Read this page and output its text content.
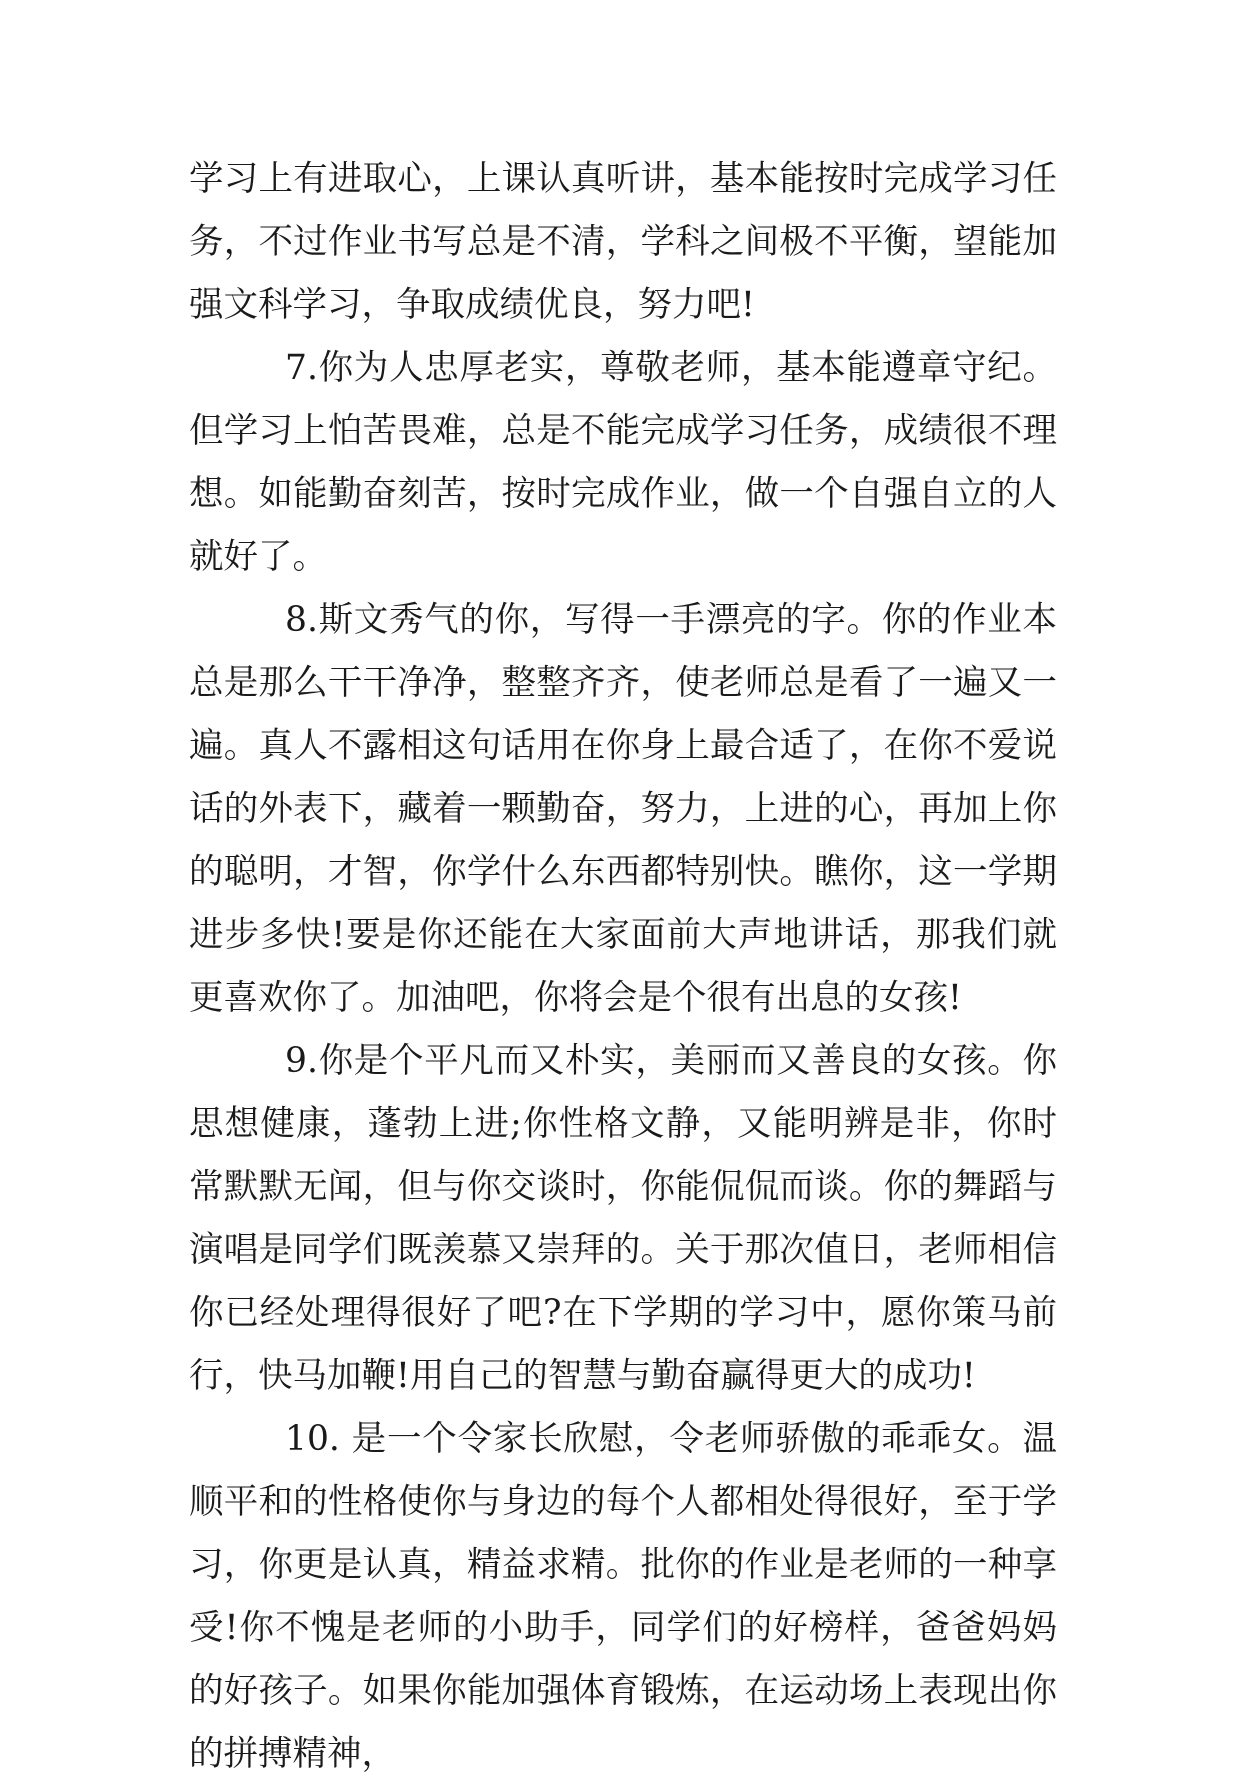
学习上有进取心，上课认真听讲，基本能按时完成学习任务，不过作业书写总是不清，学科之间极不平衡，望能加强文科学习，争取成绩优良，努力吧!

7.你为人忠厚老实，尊敬老师，基本能遵章守纪。但学习上怕苦畏难，总是不能完成学习任务，成绩很不理想。如能勤奋刻苦，按时完成作业，做一个自强自立的人就好了。

8.斯文秀气的你，写得一手漂亮的字。你的作业本总是那么干干净净，整整齐齐，使老师总是看了一遍又一遍。真人不露相这句话用在你身上最合适了，在你不爱说话的外表下，藏着一颗勤奋，努力，上进的心，再加上你的聪明，才智，你学什么东西都特别快。瞧你，这一学期进步多快!要是你还能在大家面前大声地讲话，那我们就更喜欢你了。加油吧，你将会是个很有出息的女孩!

9.你是个平凡而又朴实，美丽而又善良的女孩。你思想健康，蓬勃上进;你性格文静，又能明辨是非，你时常默默无闻，但与你交谈时，你能侃侃而谈。你的舞蹈与演唱是同学们既羡慕又崇拜的。关于那次值日，老师相信你已经处理得很好了吧?在下学期的学习中，愿你策马前行，快马加鞭!用自己的智慧与勤奋赢得更大的成功!

10. 是一个令家长欣慰，令老师骄傲的乖乖女。温顺平和的性格使你与身边的每个人都相处得很好，至于学习，你更是认真，精益求精。批你的作业是老师的一种享受!你不愧是老师的小助手，同学们的好榜样，爸爸妈妈的好孩子。如果你能加强体育锻炼，在运动场上表现出你的拼搏精神，
